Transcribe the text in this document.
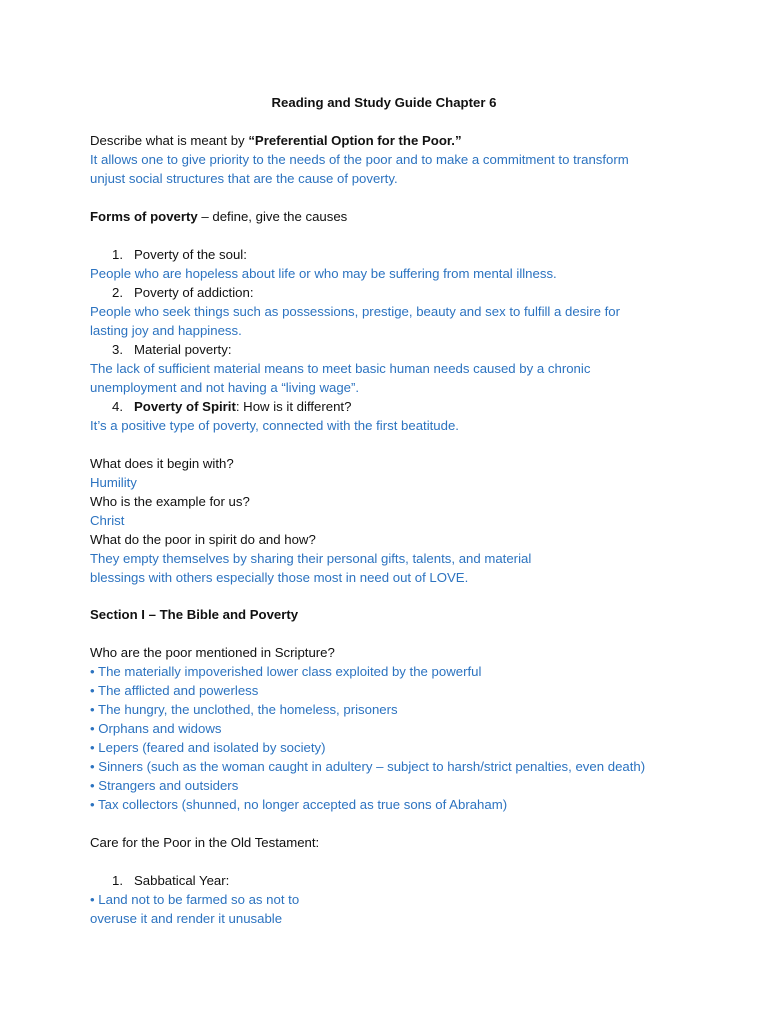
Reading and Study Guide Chapter 6
Describe what is meant by “Preferential Option for the Poor.”
It allows one to give priority to the needs of the poor and to make a commitment to transform
unjust social structures that are the cause of poverty.
Forms of poverty – define, give the causes
1. Poverty of the soul:
People who are hopeless about life or who may be suffering from mental illness.
2. Poverty of addiction:
People who seek things such as possessions, prestige, beauty and sex to fulfill a desire for
lasting joy and happiness.
3. Material poverty:
The lack of sufficient material means to meet basic human needs caused by a chronic
unemployment and not having a “living wage”.
4. Poverty of Spirit: How is it different?
It’s a positive type of poverty, connected with the first beatitude.
What does it begin with?
Humility
Who is the example for us?
Christ
What do the poor in spirit do and how?
They empty themselves by sharing their personal gifts, talents, and material
blessings with others especially those most in need out of LOVE.
Section I – The Bible and Poverty
Who are the poor mentioned in Scripture?
• The materially impoverished lower class exploited by the powerful
• The afflicted and powerless
• The hungry, the unclothed, the homeless, prisoners
• Orphans and widows
• Lepers (feared and isolated by society)
• Sinners (such as the woman caught in adultery – subject to harsh/strict penalties, even death)
• Strangers and outsiders
• Tax collectors (shunned, no longer accepted as true sons of Abraham)
Care for the Poor in the Old Testament:
1. Sabbatical Year:
• Land not to be farmed so as not to
overuse it and render it unusable
